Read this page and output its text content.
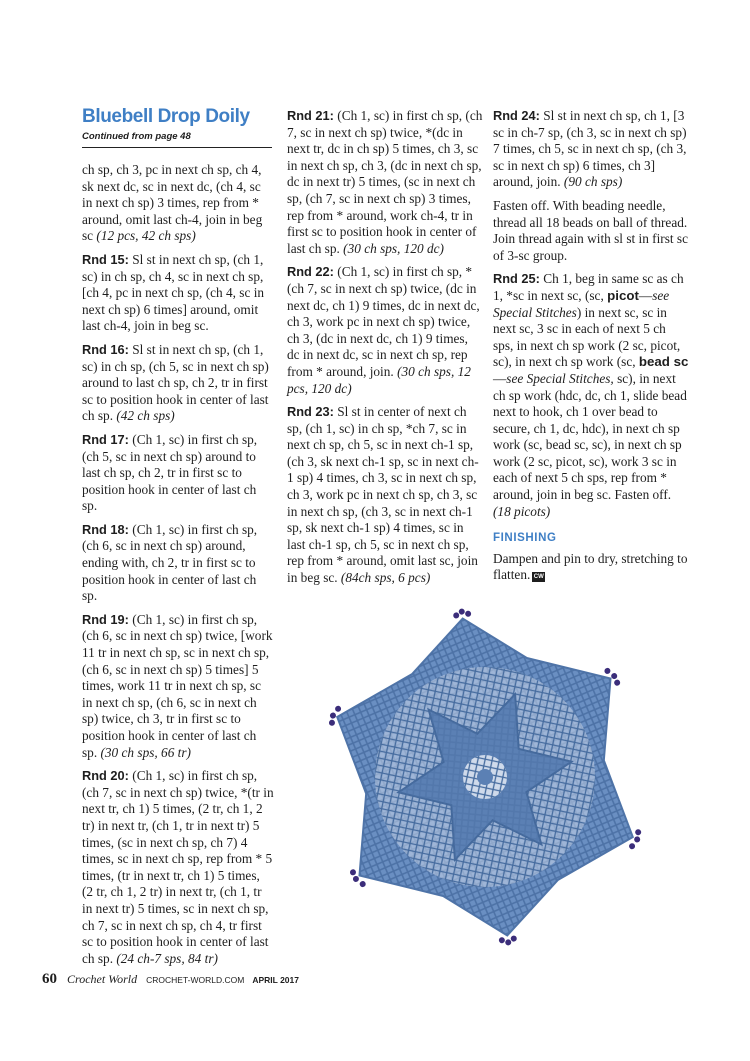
Bluebell Drop Doily
Continued from page 48

ch sp, ch 3, pc in next ch sp, ch 4, sk next dc, sc in next dc, (ch 4, sc in next ch sp) 3 times, rep from * around, omit last ch-4, join in beg sc (12 pcs, 42 ch sps)

Rnd 15: Sl st in next ch sp, (ch 1, sc) in ch sp, ch 4, sc in next ch sp, [ch 4, pc in next ch sp, (ch 4, sc in next ch sp) 6 times] around, omit last ch-4, join in beg sc.

Rnd 16: Sl st in next ch sp, (ch 1, sc) in ch sp, (ch 5, sc in next ch sp) around to last ch sp, ch 2, tr in first sc to position hook in center of last ch sp. (42 ch sps)

Rnd 17: (Ch 1, sc) in first ch sp, (ch 5, sc in next ch sp) around to last ch sp, ch 2, tr in first sc to position hook in center of last ch sp.

Rnd 18: (Ch 1, sc) in first ch sp, (ch 6, sc in next ch sp) around, ending with, ch 2, tr in first sc to position hook in center of last ch sp.

Rnd 19: (Ch 1, sc) in first ch sp, (ch 6, sc in next ch sp) twice, [work 11 tr in next ch sp, sc in next ch sp, (ch 6, sc in next ch sp) 5 times] 5 times, work 11 tr in next ch sp, sc in next ch sp, (ch 6, sc in next ch sp) twice, ch 3, tr in first sc to position hook in center of last ch sp. (30 ch sps, 66 tr)

Rnd 20: (Ch 1, sc) in first ch sp, (ch 7, sc in next ch sp) twice, *(tr in next tr, ch 1) 5 times, (2 tr, ch 1, 2 tr) in next tr, (ch 1, tr in next tr) 5 times, (sc in next ch sp, ch 7) 4 times, sc in next ch sp, rep from * 5 times, (tr in next tr, ch 1) 5 times, (2 tr, ch 1, 2 tr) in next tr, (ch 1, tr in next tr) 5 times, sc in next ch sp, ch 7, sc in next ch sp, ch 4, tr first sc to position hook in center of last ch sp. (24 ch-7 sps, 84 tr)

Rnd 21: (Ch 1, sc) in first ch sp, (ch 7, sc in next ch sp) twice, *(dc in next tr, dc in ch sp) 5 times, ch 3, sc in next ch sp, ch 3, (dc in next ch sp, dc in next tr) 5 times, (sc in next ch sp, (ch 7, sc in next ch sp) 3 times, rep from * around, work ch-4, tr in first sc to position hook in center of last ch sp. (30 ch sps, 120 dc)

Rnd 22: (Ch 1, sc) in first ch sp, *(ch 7, sc in next ch sp) twice, (dc in next dc, ch 1) 9 times, dc in next dc, ch 3, work pc in next ch sp) twice, ch 3, (dc in next dc, ch 1) 9 times, dc in next dc, sc in next ch sp, rep from * around, join. (30 ch sps, 12 pcs, 120 dc)

Rnd 23: Sl st in center of next ch sp, (ch 1, sc) in ch sp, *ch 7, sc in next ch sp, ch 5, sc in next ch-1 sp, (ch 3, sk next ch-1 sp, sc in next ch-1 sp) 4 times, ch 3, sc in next ch sp, ch 3, work pc in next ch sp, ch 3, sc in next ch sp, (ch 3, sc in next ch-1 sp, sk next ch-1 sp) 4 times, sc in last ch-1 sp, ch 5, sc in next ch sp, rep from * around, omit last sc, join in beg sc. (84ch sps, 6 pcs)

Rnd 24: Sl st in next ch sp, ch 1, [3 sc in ch-7 sp, (ch 3, sc in next ch sp) 7 times, ch 5, sc in next ch sp, (ch 3, sc in next ch sp) 6 times, ch 3] around, join. (90 ch sps)

Fasten off. With beading needle, thread all 18 beads on ball of thread. Join thread again with sl st in first sc of 3-sc group.

Rnd 25: Ch 1, beg in same sc as ch 1, *sc in next sc, (sc, picot—see Special Stitches) in next sc, sc in next sc, 3 sc in each of next 5 ch sps, in next ch sp work (2 sc, picot, sc), in next ch sp work (sc, bead sc—see Special Stitches, sc), in next ch sp work (hdc, dc, ch 1, slide bead next to hook, ch 1 over bead to secure, ch 1, dc, hdc), in next ch sp work (sc, bead sc, sc), in next ch sp work (2 sc, picot, sc), work 3 sc in each of next 5 ch sps, rep from * around, join in beg sc. Fasten off. (18 picots)

FINISHING

Dampen and pin to dry, stretching to flatten. CW

60 Crochet World CROCHET-WORLD.COM APRIL 2017
